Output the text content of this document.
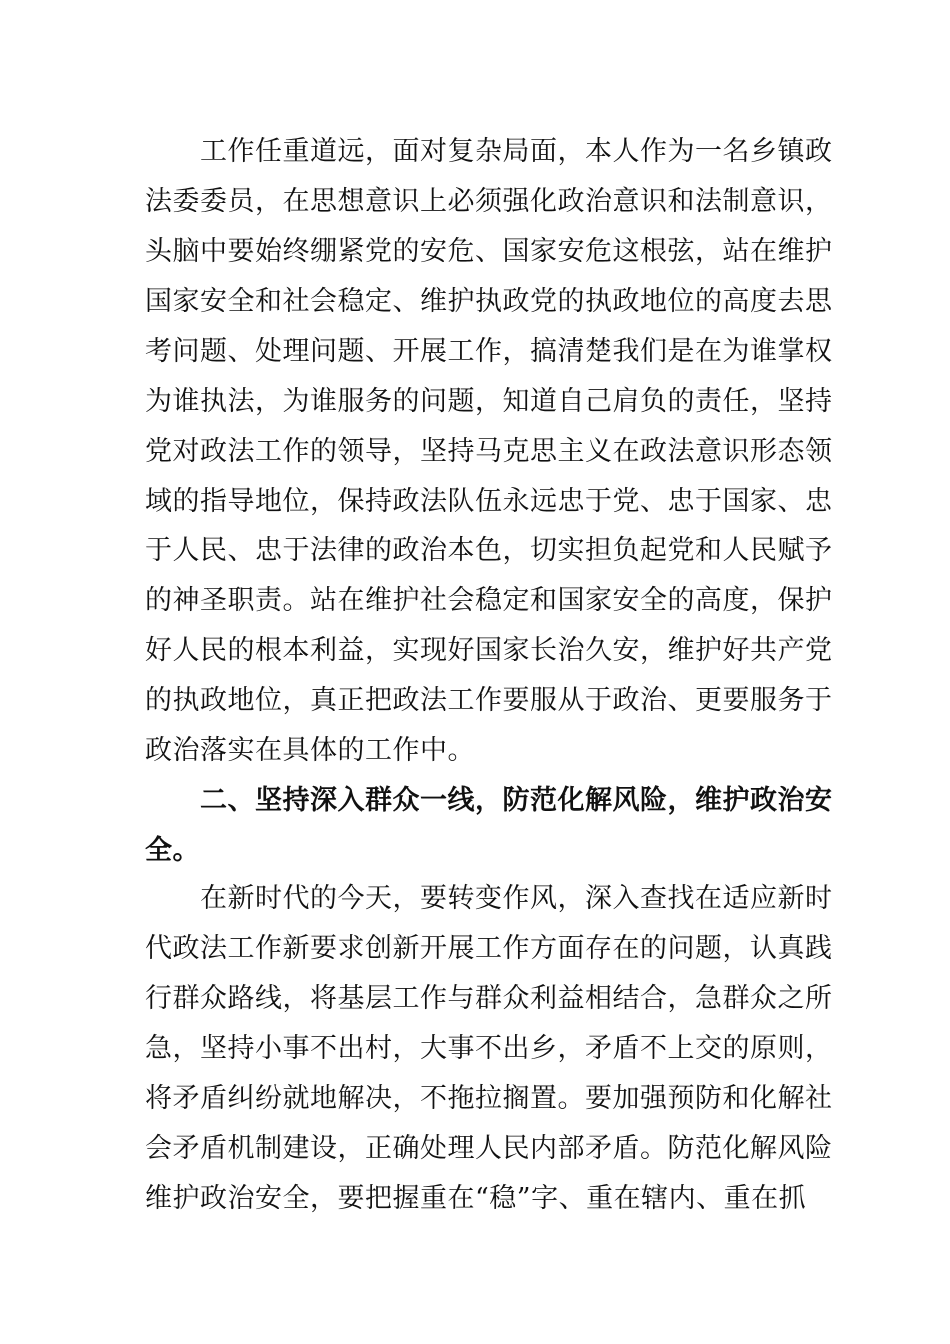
工作任重道远，面对复杂局面，本人作为一名乡镇政
法委委员，在思想意识上必须强化政治意识和法制意识，
头脑中要始终绷紧党的安危、国家安危这根弦，站在维护
国家安全和社会稳定、维护执政党的执政地位的高度去思
考问题、处理问题、开展工作，搞清楚我们是在为谁掌权
为谁执法，为谁服务的问题，知道自己肩负的责任，坚持
党对政法工作的领导，坚持马克思主义在政法意识形态领
域的指导地位，保持政法队伍永远忠于党、忠于国家、忠
于人民、忠于法律的政治本色，切实担负起党和人民赋予
的神圣职责。站在维护社会稳定和国家安全的高度，保护
好人民的根本利益，实现好国家长治久安，维护好共产党
的执政地位，真正把政法工作要服从于政治、更要服务于
政治落实在具体的工作中。
二、坚持深入群众一线，防范化解风险，维护政治安
全。
在新时代的今天，要转变作风，深入查找在适应新时
代政法工作新要求创新开展工作方面存在的问题，认真践
行群众路线，将基层工作与群众利益相结合，急群众之所
急，坚持小事不出村，大事不出乡，矛盾不上交的原则，
将矛盾纠纷就地解决，不拖拉搁置。要加强预防和化解社
会矛盾机制建设，正确处理人民内部矛盾。防范化解风险
维护政治安全，要把握重在“稳”字、重在辖内、重在抓
